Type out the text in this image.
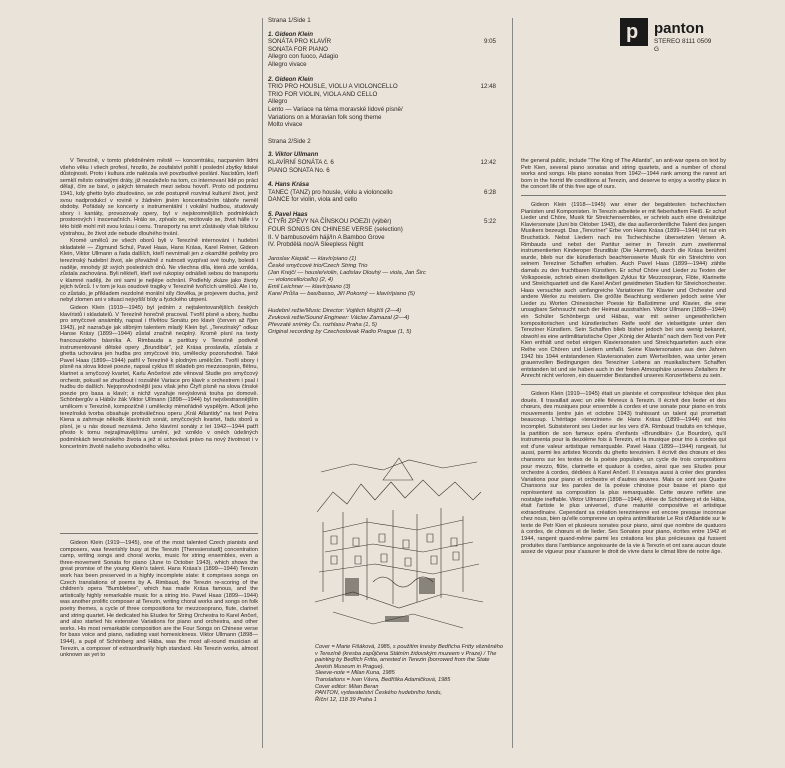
p panton
STEREO 8111 0509
G

V Terezíně, v tomto přelidněném městě — koncentráku, nacpaném lidmi všeho věku i všech profesí, hrozilo, že zoufalství pohltí i poslední zbytky lidské důstojnosti. Proto i kultura zde nalézala své povzbudivé poslání. Nacistům, kteří semklí město ostnatými dráty, již nezaleželo na tom, co internovaní lidé po práci dělají, čím se baví, o jakých tématech mezi sebou hovoří. Proto od podzimu 1941, kdy ghetto bylo zbudováno, se zde postupně rozvinul kulturní život, jenž svou nadprodukcí v rovině v žádném jiném koncentračním táboře neměl obdoby. Pořádaly se koncerty s instrumentální i vokální hudbou, studovaly sbory i kantáty, provozovaly opery, byl v nejskromnějších podmínkách prostorových i inscenačních. Hrálo se, zpívalo se, recitovalo se, život hálle i v této bídě mohl mít svou krásu i cenu. Transporty na smrt zůstávaly však blízkou výstrahou, že život zde nebude dlouhého trvání.

Kromě umělců ze všech oborů byli v Terezíně internováni i hudební skladatelé — Zigmund Schul, Pavel Haas, Hans Krása, Karel Reiner, Gideon Klein, Viktor Ullmann a řada dalších, kteří nevnímali jen z okamžité potřeby pro terezínský hudební život, ale převážně z nutnosti vyzpívat své touhy, bolesti i naděje, mnohdy již svých posledních dnů. Ne všechna díla, která zde vznikla, zůstala zachována. Byli někteří, kteří své rukopisy odnášeli sebou do transportu v klamné naději, že oni sami je nejlépe ochrání. Podlehly zkáze jako životy jejich tvůrců. I v tom je kus osudové tragiky v Terezíně tvořících umělců. Ale i to, co zůstalo, je příkladem nezdolné morální síly člověka, je projevem ducha, jenž nebyl zlomen ani v situaci nejvyšší bídy a fyzického utrpení.

Gideon Klein (1919—1945) byl jedním z nejtalentovanějších českých klavíristů i skladatelů. V Terezíně horečně pracoval. Tvořil písně a sbory, hudbu pro smyčcové ansámbly, napsal i třívětou Sonátu pro klavír (červen až říjen 1943), jež nazračuje jak slibným talentem mladý Klein byl. „Terezínský" odkaz Hanse Krásy (1899—1944) zůstal značně neúplný. Kromě písní na texty francouzského básníka A. Rimbauda a partitury v Terezíně podivně instrumentované dětské opery „Brundibár", jež Krása proslavila, zůstala z ghetta uchována jen hudba pro smyčcové trio, umělecky pozoruhodné. Také Pavel Haas (1899—1944) patřil v Terezíně k plodným umělcům. Tvořil sbory i písně na slova lidové poezie, napsal cyklus tří skladeb pro mezzosoprán, flétnu, klarinet a smyčcový kvartet, Karlu Ančerlovi zde věnoval Studie pro smyčcový orchestr, pokusil se zhudbout i rozsáhlé Variace pro klavír s orchestrem i psal i hudbu do dalších. Nejoprovhodnější jsou však jeho Čtyři písně na slova čínské poezie pro basa a klavír; s nichž vyzařuje nevýslovná touha po domově. Schönbergův a Hábův žák Viktor Ullmann (1898—1944) byl nejvšestrannějším umělcem v Terezíně, kompozičně i umělecky mimořádně vyspělým. Ačkoli jeho terezínská tvorba obsahuje protiválečnou operu „Král Atlantidy" na text Petra Kiena a zahrnuje několik klavírních sonát, smyčcových kvartet, řadu sborů a písní, je u nás dosud neznámá. Jeho klavírní sonáty z let 1942—1944 patří přesto k tomu nejzajímavějšímu umění, jež vzniklo v onéch údešných podmínkách terezínského života a jež si uchovává právo na nový životnost i v koncertním životě našeho svobodného věku.

Gideon Klein (1919—1945), one of the most talented Czech pianists and composers, was feverishly busy at the Terezin [Theresienstadt] concentration camp, writing songs and choral works, music for string ensembles, even a three-movement Sonata for piano (June to October 1943), which shows the great promise of the young Klein's talent. Hans Krása's (1899—1944) Terezin work has been preserved in a highly incomplete state: it comprises songs on Czech translations of poems by A. Rimbaud, the Terezin re-scoring of the children's opera "Bumblebee", which has made Krása famous, and the artistically highly remarkable music for a string trio. Pavel Haas (1899—1944) was another prolific composer at Terezin, writing choral works and songs on folk poetry themes, a cycle of three compositions for mezzosoprano, flute, clarinet and string quartet. He dedicated his Etudes for String Orchestra to Karel Ančerl, and also started his extensive Variations for piano and orchestra, and other works. His most remarkable composition are the Four Songs on Chinese verse for bass voice and piano, radiating vast homesickness. Viktor Ullmann (1898—1944), a pupil of Schönberg and Hába, was the most all-round musician at Terezin, a composer of extraordinarily high standard. His Terezin works, almost unknown as yet to

Strana 1/Side 1
1. Gideon Klein
SONÁTA PRO KLAVÍR	9:05
SONATA FOR PIANO
Allegro con fuoco, Adagio
Allegro vivace
2. Gideon Klein
TRIO PRO HOUSLE, VIOLU A VIOLONCELLO	12:48
TRIO FOR VIOLIN, VIOLA AND CELLO
Allegro
Lento — Variace na téma moravské lidové písně/
Variations on a Moravian folk song theme
Molto vivace
Strana 2/Side 2
3. Viktor Ullmann
KLAVÍRNÍ SONÁTA č. 6	12:42
PIANO SONATA No. 6
4. Hans Krása
TANEC (TANZ) pro housle, violu a violoncello	6:28
DANCE for violin, viola and cello
5. Pavel Haas
ČTYŘI ZPĚVY NA ČÍNSKOU POEZII (výběr)	5:22
FOUR SONGS ON CHINESE VERSE (selection)
II. V bambusovém háji/In A Bamboo Grove
IV. Probdělá noc/A Sleepless Night
Jaroslav Kiepáč — klavír/piano (1)
České smyčcové trio/Czech String Trio
(Jan Krejčí — housle/violin, Ladislav Dlouhý — viola, Jan Širc
— violoncello/cello) (2, 4)
Emil Leichner — klavír/piano (3)
Karel Průša — bas/basso, Jiří Pokorný — klavír/piano (5)
Hudební režie/Music Director: Vojtěch Mojžíš (2—4)
Zvuková režie/Sound Engineer: Václav Zamazal (2—4)
Převzaté snímky Čs. rozhlasu Praha (1, 5)
Original recording by Czechoslovak Radio Prague (1, 5)
Cover = Marie Fišáková, 1985, s použitím kresby Bedřicha Fritty vězněného v Terezíně (kresba zapůjčena Státním židovským muzeem v Praze) / The painting by Bedřich Fritta, arrested in Terezin (borrowed from the State Jewish Museum in Prague).
Sleeve-note = Milan Kuna, 1985
Translations = Ivan Vávra, Bedřiška Adamičková, 1985
Cover editor: Milan Beran
PANTON, vydavatelství Českého hudebního fondu,
Říční 12, 118 39 Praha 1

the general public, include "The King of The Atlantis", an anti-war opera on text by Petr Kien, several piano sonatas and string quartets, and a number of choral works and songs. His piano sonatas from 1942—1944 rank among the rarest art born in the horrid life conditions at Terezin, and deserve to enjoy a worthy place in the concert life of this free age of ours.

Gideon Klein (1918—1945) war einer der begabtesten tschechischen Pianisten und Komponisten. In Terezín arbeitete er mit fieberhaftem Fleiß. Er schuf Lieder und Chöre, Musik für Streichensembles, er schrieb auch eine dreisätzige Klaviersonate (Juni bis Oktober 1943), die das außerordentliche Talent des jungen Musikers bezeugt. Das „Terezíner" Erbe von Hans Krása (1899—1944) ist nur ein Bruchstück. Nebst Liedern nach ins Tschechische übersetzten Versen A. Rimbauds und nebst der Partitur seiner in Terezín zum zweitenmal instrumentierten Kinderoper Brundibár (Die Hummel), durch die Krása berühmt wurde, blieb nur die künstlerisch beachtenswerte Musik für ein Streichtrio von seinem Terezíner Schaffen erhalten. Auch Pavel Haas (1899—1944) zählte damals zu den fruchtbaren Künstlern. Er schuf Chöre und Lieder zu Texten der Volkspoesie, schrieb einen dreiteiligen Zyklus für Mezzosopran, Flöte, Klarinette und Streichquartett und die Karel Ančerl gewidmeten Studien für Streichorchester. Haas versuchte auch umfangreiche Variationen für Klavier und Orchester und andere Werke zu meistern. Die größte Beachtung verdienen jedoch seine Vier Lieder zu Worten Chinesischer Poesie für Baßstimme und Klavier, die eine unsagbare Sehnsucht nach der Heimat ausstrahlen. Viktor Ullmann (1898—1944) ein Schüler Schönbergs und Hábas, war mit seiner ungewöhnlichen kompositorischen und künstlerischen Reife wohl der vielseitigste unter den Terezíner Künstlern. Sein Schaffen blieb bisher jedoch bei uns wenig bekannt, obwohl es eine antimilitaristische Oper „König der Atlantis" nach dem Text von Petr Kien enthält und nebst einigen Klaviersonaten und Streichquartetten auch eine Reihe von Chören und Liedern umfaßt. Seine Klaviersonaten aus den Jahren 1942 bis 1944 entstandenen Klaviersonaten zum Wertvollsten, was unter jenen grauenvollen Bedingungen des Terezíner Lebens an musikalischem Schaffen entstanden ist und sie haben auch in der freien Atmosphäre unseres Zeitalters ihr Anrecht nicht verloren, ein dauernder Bestandteil unseres Konzertlebens zu sein.

Gideon Klein (1919—1945) était un pianiste et compositeur tchèque des plus doués. Il travaillait avec un zèle fiévreux à Terezin. Il écrivit des lieder et des chœurs, des musiques pour ensemble à cordes et une sonate pour piano en trois mouvements (entre juin et octobre 1943) trahissant un talent qui promettait beaucoup. L'héritage «terezinien» de Hans Krása (1899—1944) est très incomplet. Subsisteront ses Lieder sur les vers d'A. Rimbaud traduits en tchèque, la partition de son fameux opéra d'enfants «Brundibár» (Le Bourdon), qu'il instrumenta pour la deuxième fois à Terezin, et la musique pour trio à cordes qui est d'une valeur artistique remarquable. Pavel Haas (1899—1944) rangeait, lui aussi, parmi les artistes féconds du ghetto terezinien. Il écrivit des chœurs et des chansons sur les textes de la poésie populaire, un cycle de trois compositions pour mezzo, flûte, clarinette et quatuor à cordes, ainsi que ses Etudes pour orchestre à cordes, dédiées à Karel Ančerl. Il s'essaya aussi à créer des grandes Variations pour piano et orchestre et d'autres œuvres. Mais ce sont ses Quatre Chansons sur les paroles de la poésie chinoise pour basse et piano qui représentent sa composition la plus remarquable. Cette œuvre reflète une nostalgie ineffable. Viktor Ullmann (1898—1944), élève de Schönberg et de Hába, était l'artiste le plus universel, d'une maturité compositive et artistique extraordinaire. Cependant sa création terezinienne est encore presque inconnue chez nous, bien qu'elle comprenne un opéra antimilitariste Le Roi d'Atlantide sur le texte de Petr Kien et plusieurs sonates pour piano, ainsi que nombre de quatuors à cordes, de chœurs et de lieder. Ses Sonates pour piano, écrites entre 1942 et 1944, rangent quand-même parmi les créations les plus précieuses qui fussent produites dans l'ambiance angoissante de la vie à Terezín et ont sans aucun doute assez de vigueur pour s'assurer le droit de vivre dans le climat libre de notre âge.
